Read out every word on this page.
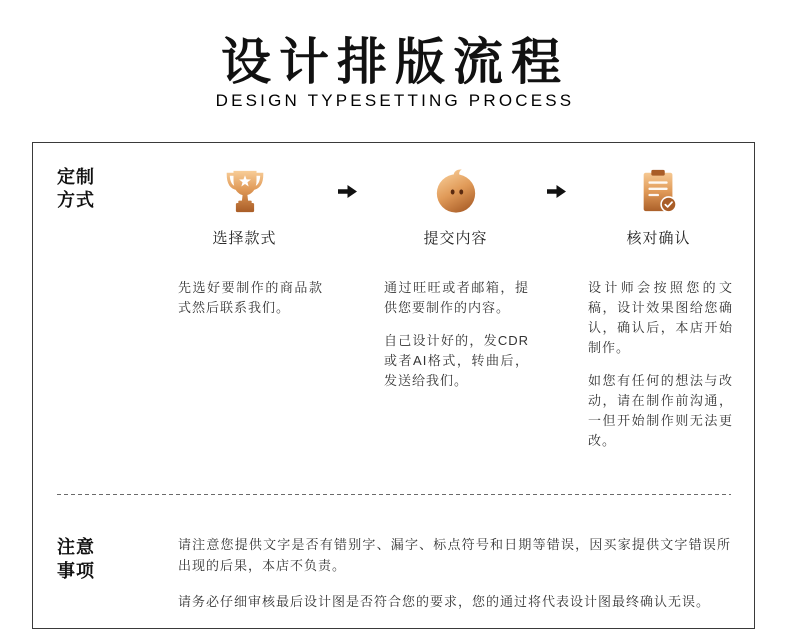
设计排版流程
DESIGN TYPESETTING PROCESS
定制
方式
选择款式
先选好要制作的商品款
式然后联系我们。
提交内容
通过旺旺或者邮箱，提
供您要制作的内容。
自己设计好的，发CDR
或者AI格式，转曲后，
发送给我们。
核对确认
设计师会按照您的文
稿，设计效果图给您确
认，确认后，本店开始
制作。
如您有任何的想法与改
动，请在制作前沟通，
一但开始制作则无法更
改。
注意
事项
请注意您提供文字是否有错别字、漏字、标点符号和日期等错误，因买家提供文字错误所
出现的后果，本店不负责。
请务必仔细审核最后设计图是否符合您的要求，您的通过将代表设计图最终确认无误。
